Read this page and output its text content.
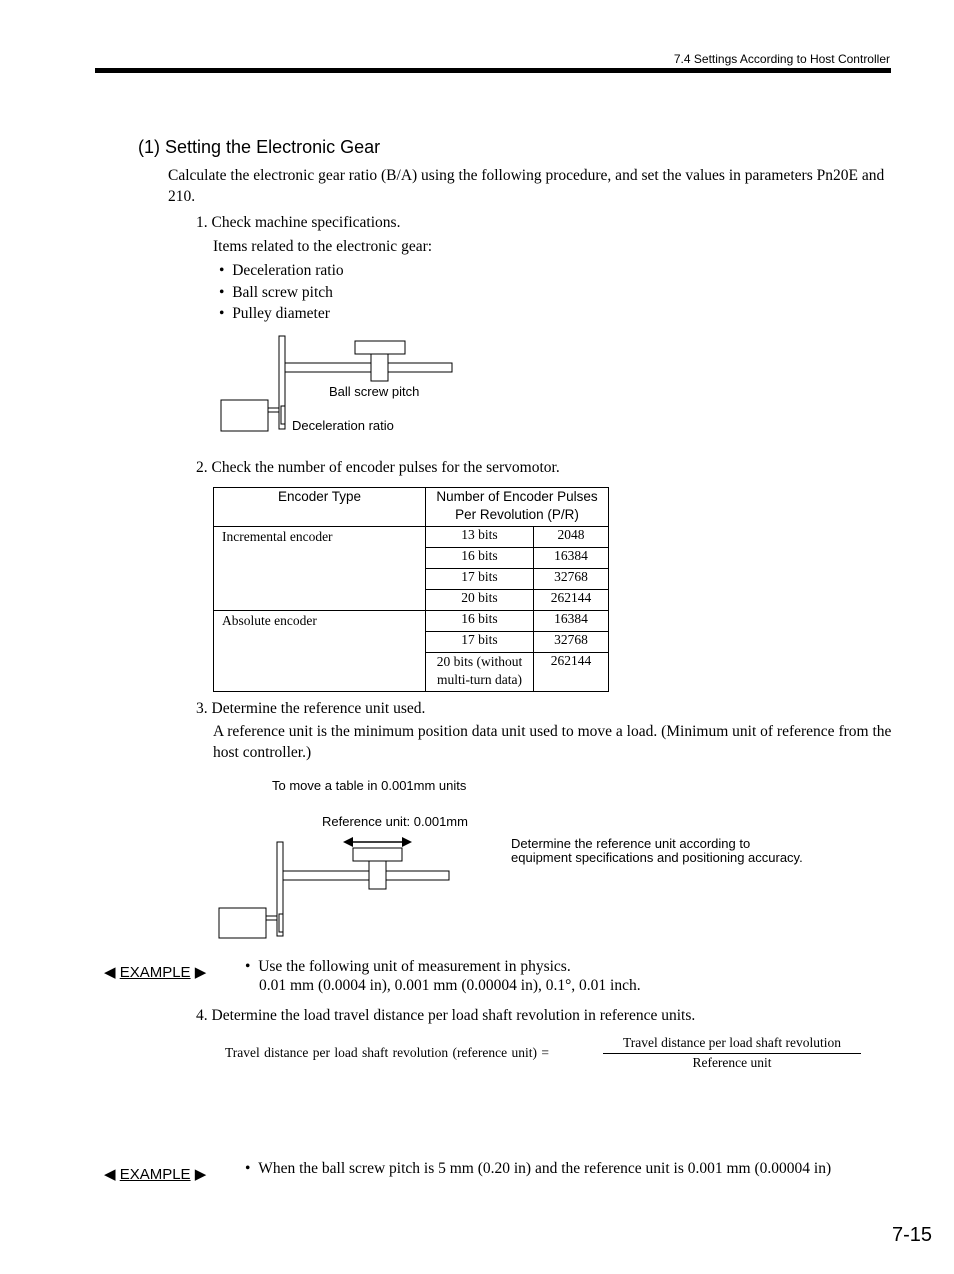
7.4 Settings According to Host Controller
(1) Setting the Electronic Gear
Calculate the electronic gear ratio (B/A) using the following procedure, and set the values in parameters Pn20E and 210.
1. Check machine specifications.
Items related to the electronic gear:
•  Deceleration ratio
•  Ball screw pitch
•  Pulley diameter
Ball screw pitch
Deceleration ratio
2. Check the number of encoder pulses for the servomotor.
Encoder Type	Number of Encoder Pulses Per Revolution (P/R)	
Incremental encoder	13 bits	2048
	16 bits	16384
	17 bits	32768
	20 bits	262144
Absolute encoder	16 bits	16384
	17 bits	32768
	20 bits (without multi-turn data)	262144
3. Determine the reference unit used.
A reference unit is the minimum position data unit used to move a load. (Minimum unit of reference from the host controller.)
To move a table in 0.001mm units
Reference unit: 0.001mm
Determine the reference unit according to
equipment specifications and positioning accuracy.
◀ EXAMPLE ▶ •  Use the following unit of measurement in physics.
0.01 mm (0.0004 in), 0.001 mm (0.00004 in), 0.1°, 0.01 inch.
4. Determine the load travel distance per load shaft revolution in reference units.
Travel distance per load shaft revolution (reference unit) =
Travel distance per load shaft revolution
Reference unit
◀ EXAMPLE ▶ •  When the ball screw pitch is 5 mm (0.20 in) and the reference unit is 0.001 mm (0.00004 in)
7-15
